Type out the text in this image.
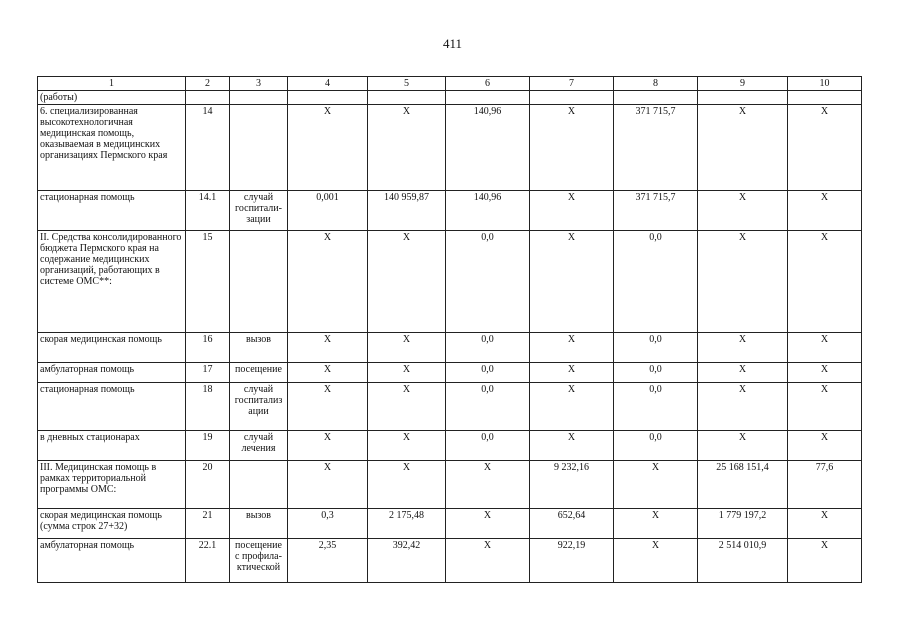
411
1	2	3	4	5	6	7	8	9	10
(работы)									
6. специализированная высокотехнологичная медицинская помощь, оказываемая в медицинских организациях Пермского края	14		Х	Х	140,96	Х	371 715,7	Х	Х
стационарная помощь	14.1	случай госпитали-зации	0,001	140 959,87	140,96	Х	371 715,7	Х	Х
II. Средства консолидированного бюджета Пермского края на содержание медицинских организаций, работающих в системе ОМС**:	15		Х	Х	0,0	Х	0,0	Х	Х
скорая медицинская помощь	16	вызов	Х	Х	0,0	Х	0,0	Х	Х
амбулаторная помощь	17	посещение	Х	Х	0,0	Х	0,0	Х	Х
стационарная помощь	18	случай госпитализ ации	Х	Х	0,0	Х	0,0	Х	Х
в дневных стационарах	19	случай лечения	Х	Х	0,0	Х	0,0	Х	Х
III. Медицинская помощь в рамках территориальной программы ОМС:	20		Х	Х	Х	9 232,16	Х	25 168 151,4	77,6
скорая медицинская помощь (сумма строк 27+32)	21	вызов	0,3	2 175,48	Х	652,64	Х	1 779 197,2	Х
амбулаторная помощь	22.1	посещение с профила-ктической	2,35	392,42	Х	922,19	Х	2 514 010,9	Х
